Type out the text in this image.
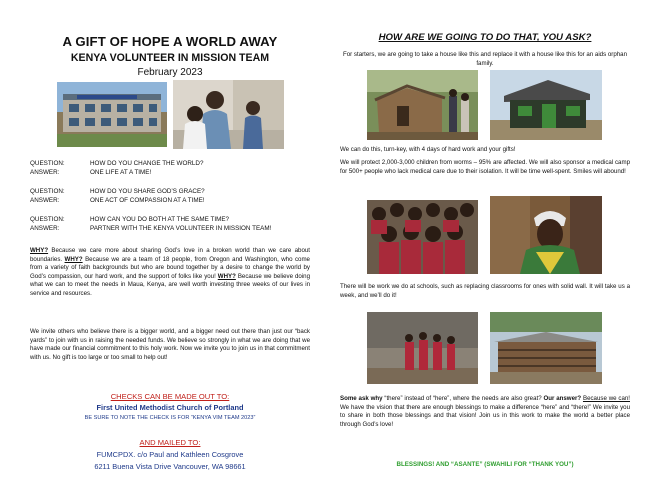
A GIFT OF HOPE A WORLD AWAY
KENYA VOLUNTEER IN MISSION TEAM
February 2023
QUESTION:	HOW DO YOU CHANGE THE WORLD?
ANSWER:	ONE LIFE AT A TIME!
QUESTION:	HOW DO YOU SHARE GOD’S GRACE?
ANSWER:	ONE ACT OF COMPASSION AT A TIME!
QUESTION:	HOW CAN YOU DO BOTH AT THE SAME TIME?
ANSWER:	PARTNER WITH THE KENYA VOLUNTEER IN MISSION TEAM!

WHY? Because we care more about sharing God’s love in a broken world than we care about boundaries. WHY? Because we are a team of 18 people, from Oregon and Washington, who come from a variety of faith backgrounds but who are bound together by a desire to change the world by God’s compassion, our hard work, and the support of folks like you! WHY? Because we believe doing what we can to meet the needs in Maua, Kenya, are well worth investing three weeks of our lives in service and resources.

We invite others who believe there is a bigger world, and a bigger need out there than just our “back yards” to join with us in raising the needed funds. We believe so strongly in what we are doing that we have made our financial commitment to this holy work. Now we invite you to join us in that commitment with us. No gift is too large or too small to help out!

CHECKS CAN BE MADE OUT TO:
First United Methodist Church of Portland
BE SURE TO NOTE THE CHECK IS FOR “KENYA VIM TEAM 2023”
AND MAILED TO:
FUMCPDX. c/o Paul and Kathleen Cosgrove
6211 Buena Vista Drive Vancouver, WA 98661
HOW ARE WE GOING TO DO THAT, YOU ASK?

For starters, we are going to take a house like this and replace it with a house like this for an aids orphan family.

We can do this, turn-key, with 4 days of hard work and your gifts!

We will protect 2,000-3,000 children from worms – 95% are affected. We will also sponsor a medical camp for 500+ people who lack medical care due to their isolation. It will be time well-spent. Smiles will abound!

There will be work we do at schools, such as replacing classrooms for ones with solid wall. It will take us a week, and we’ll do it!

Some ask why “there” instead of “here”, where the needs are also great? Our answer? Because we can! We have the vision that there are enough blessings to make a difference “here” and “there!” We invite you to share in both those blessings and that vision! Join us in this work to make the world a better place through God’s love!

BLESSINGS! AND “ASANTE” (SWAHILI FOR “THANK YOU”)
